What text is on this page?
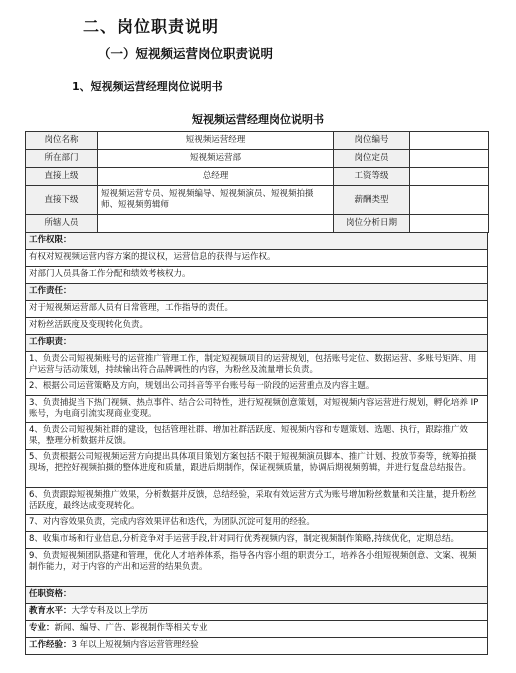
二、岗位职责说明
（一）短视频运营岗位职责说明
1、短视频运营经理岗位说明书
短视频运营经理岗位说明书
岗位名称	短视频运营经理	岗位编号	
所在部门	短视频运营部	岗位定员	
直接上级	总经理	工资等级	
直接下级	短视频运营专员、短视频编导、短视频演员、短视频拍摄师、短视频剪辑师	薪酬类型	
所辖人员		岗位分析日期	
工作权限：
有权对短视频运营内容方案的提议权，运营信息的获得与运作权。
对部门人员具备工作分配和绩效考核权力。
工作责任：
对于短视频运营部人员有日常管理，工作指导的责任。
对粉丝活跃度及变现转化负责。
工作职责：
1、负责公司短视频账号的运营推广管理工作，制定短视频项目的运营规划，包括账号定位、数据运营、多账号矩阵、用户运营与活动策划，持续输出符合品牌调性的内容，为粉丝及流量增长负责。
2、根据公司运营策略及方向，规划出公司抖音等平台账号每一阶段的运营重点及内容主题。
3、负责捕捉当下热门视频、热点事件、结合公司特性，进行短视频创意策划，对短视频内容运营进行规划，孵化培养 IP账号，为电商引流实现商业变现。
4、负责公司短视频社群的建设，包括管理社群、增加社群活跃度、短视频内容和专题策划、选题、执行，跟踪推广效果，整理分析数据并反馈。
5、负责根据公司短视频运营方向提出具体项目策划方案包括不限于短视频演员脚本、推广计划、投放节奏等，统筹拍摄现场，把控好视频拍摄的整体进度和质量，跟进后期制作，保证视频质量，协调后期视频剪辑，并进行复盘总结报告。
6、负责跟踪短视频推广效果，分析数据并反馈，总结经验，采取有效运营方式为账号增加粉丝数量和关注量，提升粉丝活跃度，最终达成变现转化。
7、对内容效果负责，完成内容效果评估和迭代，为团队沉淀可复用的经验。
8、收集市场和行业信息,分析竞争对手运营手段,针对同行优秀视频内容，制定视频制作策略,持续优化，定期总结。
9、负责短视频团队搭建和管理，优化人才培养体系，指导各内容小组的职责分工，培养各小组短视频创意、文案、视频制作能力，对于内容的产出和运营的结果负责。
任职资格：
教育水平：大学专科及以上学历
专业：新闻、编导、广告、影视制作等相关专业
工作经验：3 年以上短视频内容运营管理经验
